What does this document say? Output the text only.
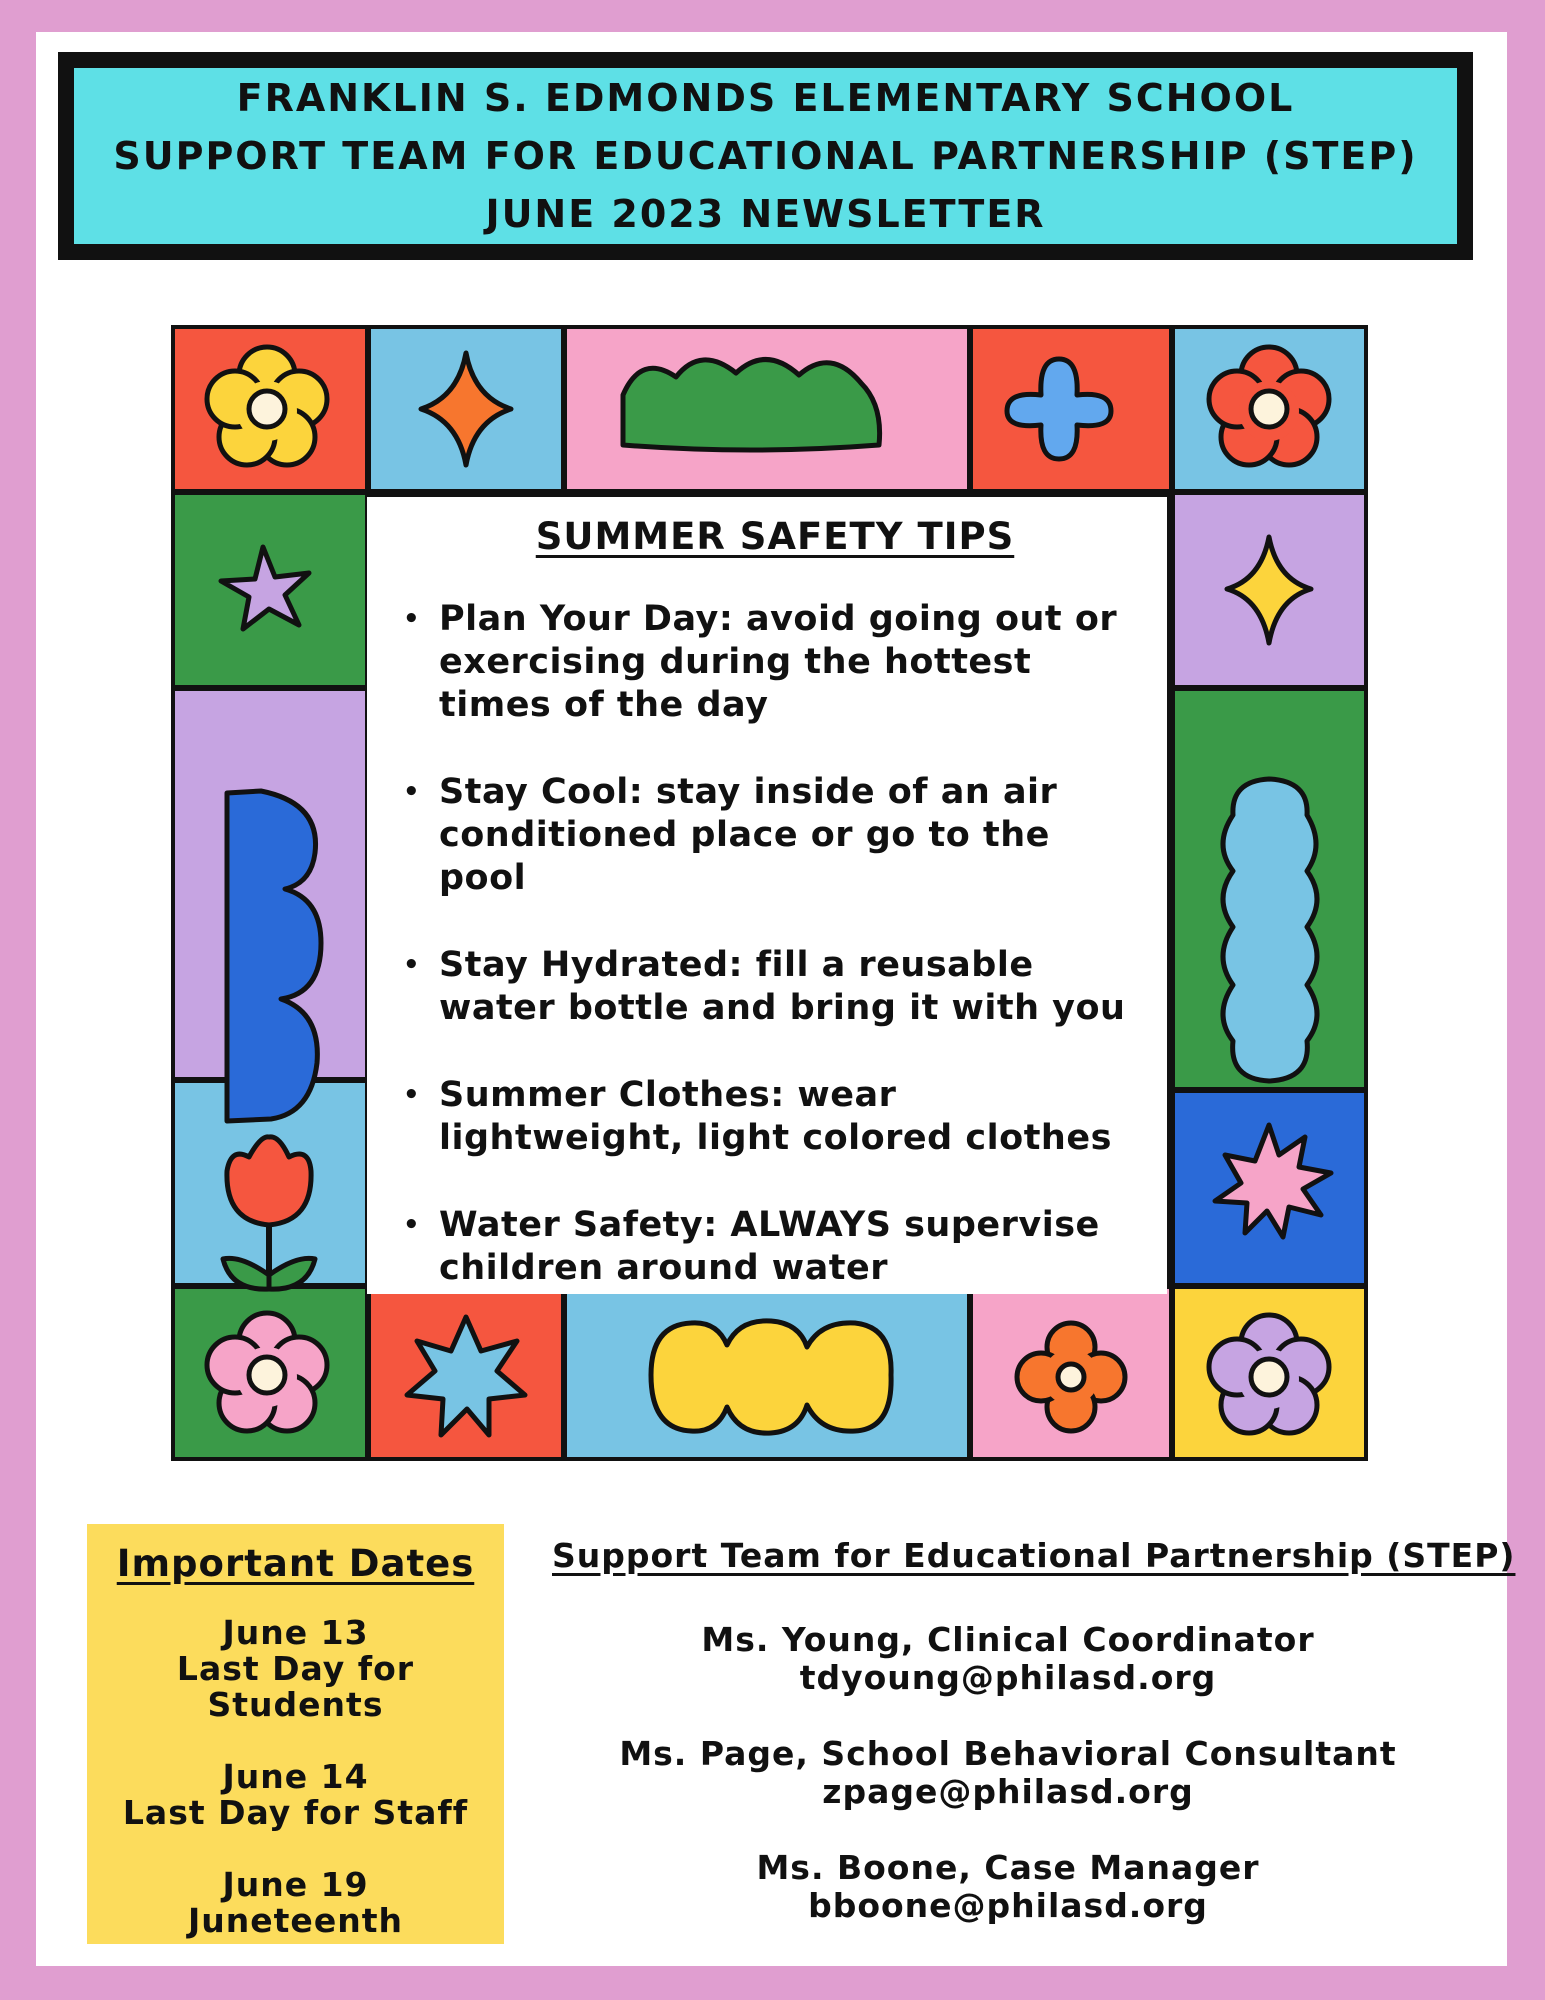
FRANKLIN S. EDMONDS ELEMENTARY SCHOOL
SUPPORT TEAM FOR EDUCATIONAL PARTNERSHIP (STEP)
JUNE 2023 NEWSLETTER
SUMMER SAFETY TIPS
• Plan Your Day: avoid going out or exercising during the hottest times of the day
• Stay Cool: stay inside of an air conditioned place or go to the pool
• Stay Hydrated: fill a reusable water bottle and bring it with you
• Summer Clothes: wear lightweight, light colored clothes
• Water Safety: ALWAYS supervise children around water
Important Dates
June 13
Last Day for Students
June 14
Last Day for Staff
June 19
Juneteenth
Support Team for Educational Partnership (STEP)
Ms. Young, Clinical Coordinator
tdyoung@philasd.org
Ms. Page, School Behavioral Consultant
zpage@philasd.org
Ms. Boone, Case Manager
bboone@philasd.org
